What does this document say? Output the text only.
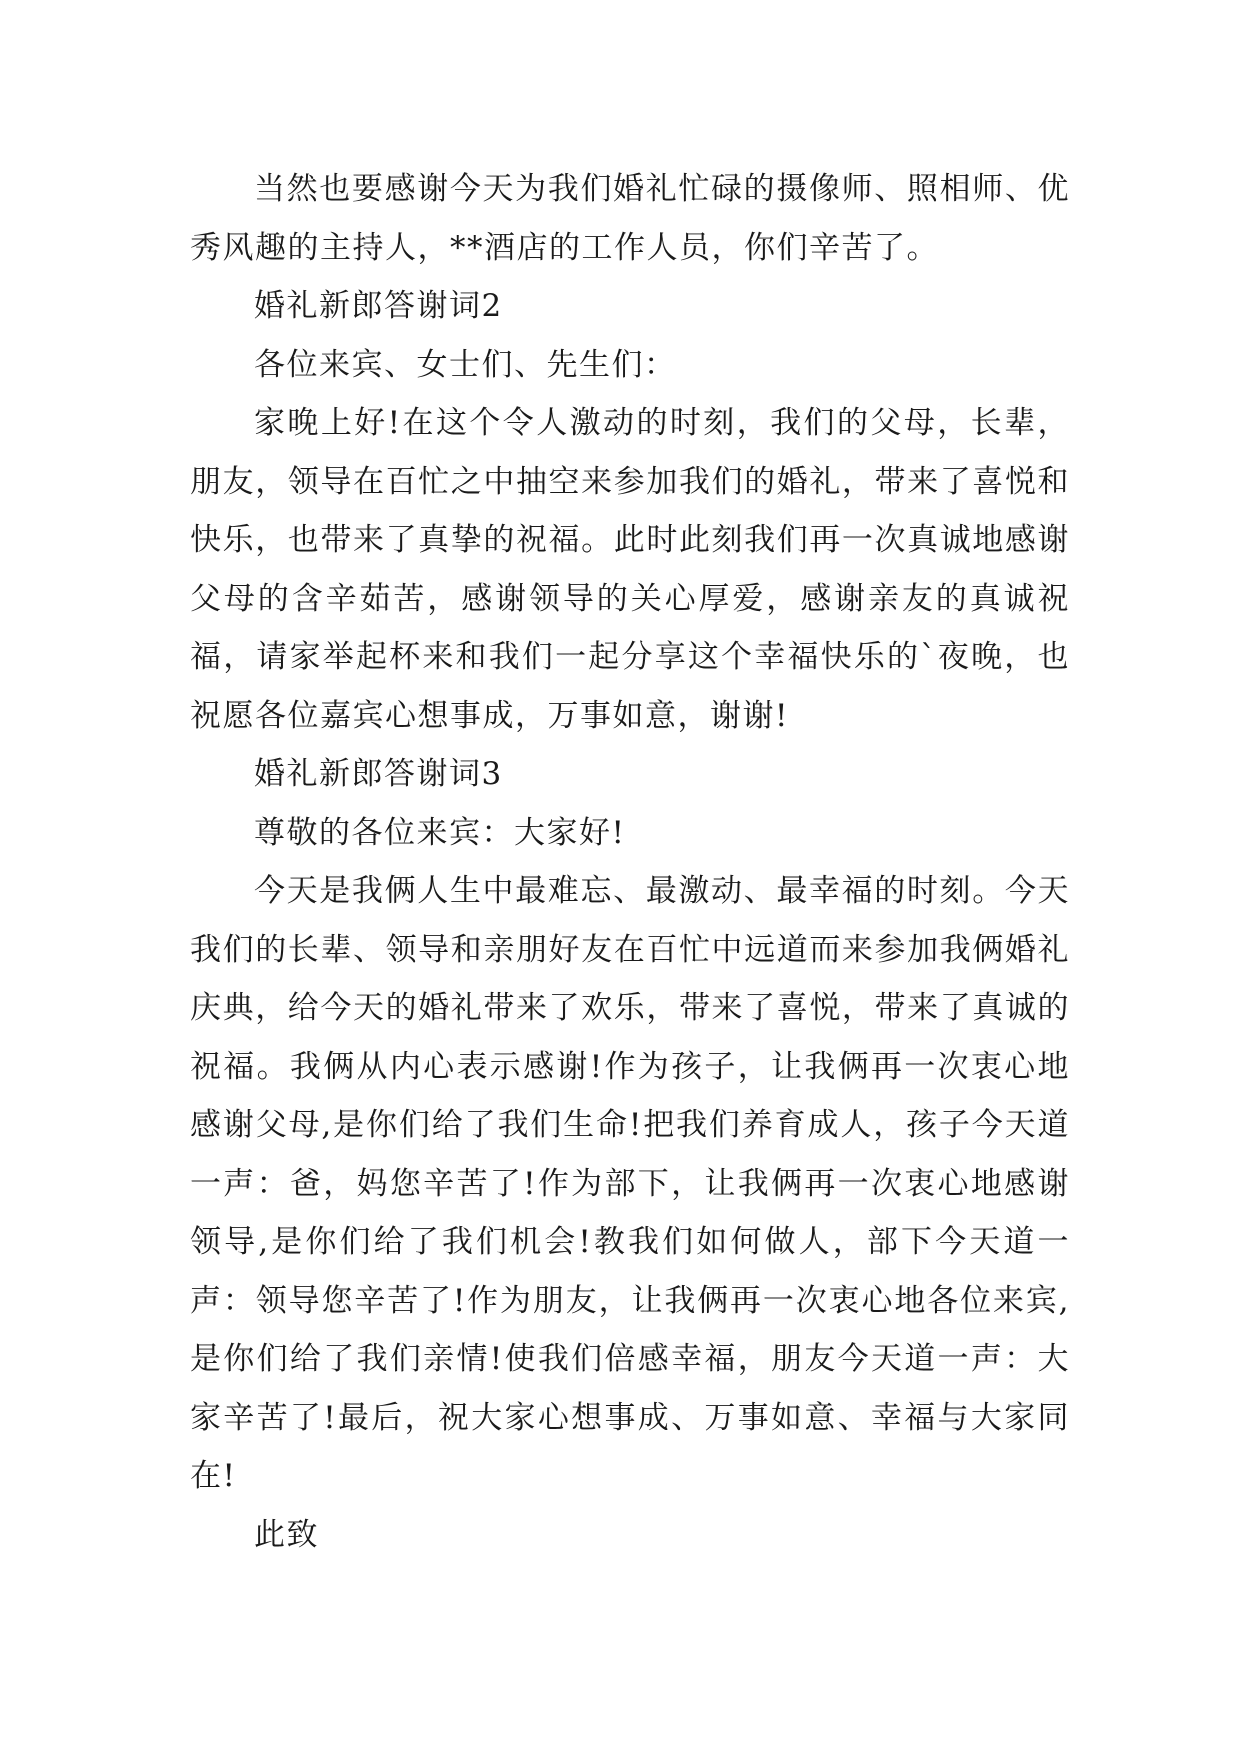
当然也要感谢今天为我们婚礼忙碌的摄像师、照相师、优秀风趣的主持人，**酒店的工作人员，你们辛苦了。

婚礼新郎答谢词2

各位来宾、女士们、先生们：

家晚上好!在这个令人激动的时刻，我们的父母，长辈，朋友，领导在百忙之中抽空来参加我们的婚礼，带来了喜悦和快乐，也带来了真挚的祝福。此时此刻我们再一次真诚地感谢父母的含辛茹苦，感谢领导的关心厚爱，感谢亲友的真诚祝福，请家举起杯来和我们一起分享这个幸福快乐的`夜晚，也祝愿各位嘉宾心想事成，万事如意，谢谢!

婚礼新郎答谢词3

尊敬的各位来宾：大家好!

今天是我俩人生中最难忘、最激动、最幸福的时刻。今天我们的长辈、领导和亲朋好友在百忙中远道而来参加我俩婚礼庆典，给今天的婚礼带来了欢乐，带来了喜悦，带来了真诚的祝福。我俩从内心表示感谢!作为孩子，让我俩再一次衷心地感谢父母,是你们给了我们生命!把我们养育成人，孩子今天道一声：爸，妈您辛苦了!作为部下，让我俩再一次衷心地感谢领导,是你们给了我们机会!教我们如何做人，部下今天道一声：领导您辛苦了!作为朋友，让我俩再一次衷心地各位来宾,是你们给了我们亲情!使我们倍感幸福，朋友今天道一声：大家辛苦了!最后，祝大家心想事成、万事如意、幸福与大家同在!

此致
